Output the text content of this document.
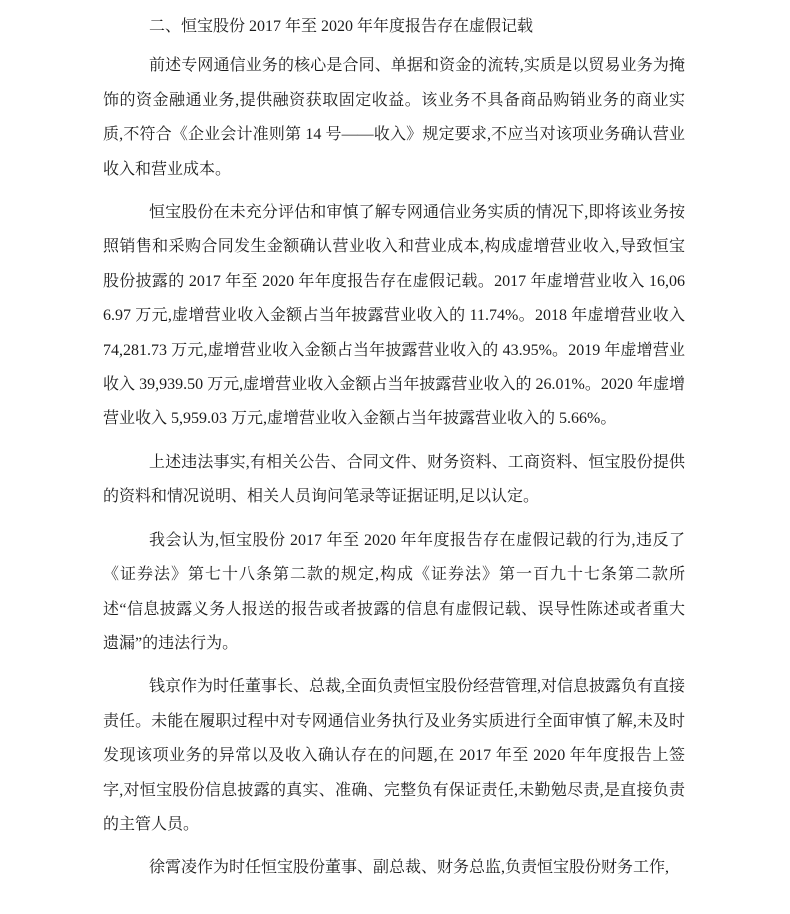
二、恒宝股份 2017 年至 2020 年年度报告存在虚假记载

前述专网通信业务的核心是合同、单据和资金的流转,实质是以贸易业务为掩饰的资金融通业务,提供融资获取固定收益。该业务不具备商品购销业务的商业实质,不符合《企业会计准则第 14 号——收入》规定要求,不应当对该项业务确认营业收入和营业成本。

恒宝股份在未充分评估和审慎了解专网通信业务实质的情况下,即将该业务按照销售和采购合同发生金额确认营业收入和营业成本,构成虚增营业收入,导致恒宝股份披露的 2017 年至 2020 年年度报告存在虚假记载。2017 年虚增营业收入 16,066.97 万元,虚增营业收入金额占当年披露营业收入的 11.74%。2018 年虚增营业收入 74,281.73 万元,虚增营业收入金额占当年披露营业收入的 43.95%。2019 年虚增营业收入 39,939.50 万元,虚增营业收入金额占当年披露营业收入的 26.01%。2020 年虚增营业收入 5,959.03 万元,虚增营业收入金额占当年披露营业收入的 5.66%。

上述违法事实,有相关公告、合同文件、财务资料、工商资料、恒宝股份提供的资料和情况说明、相关人员询问笔录等证据证明,足以认定。

我会认为,恒宝股份 2017 年至 2020 年年度报告存在虚假记载的行为,违反了《证券法》第七十八条第二款的规定,构成《证券法》第一百九十七条第二款所述“信息披露义务人报送的报告或者披露的信息有虚假记载、误导性陈述或者重大遗漏”的违法行为。

钱京作为时任董事长、总裁,全面负责恒宝股份经营管理,对信息披露负有直接责任。未能在履职过程中对专网通信业务执行及业务实质进行全面审慎了解,未及时发现该项业务的异常以及收入确认存在的问题,在 2017 年至 2020 年年度报告上签字,对恒宝股份信息披露的真实、准确、完整负有保证责任,未勤勉尽责,是直接负责的主管人员。

徐霄凌作为时任恒宝股份董事、副总裁、财务总监,负责恒宝股份财务工作,
